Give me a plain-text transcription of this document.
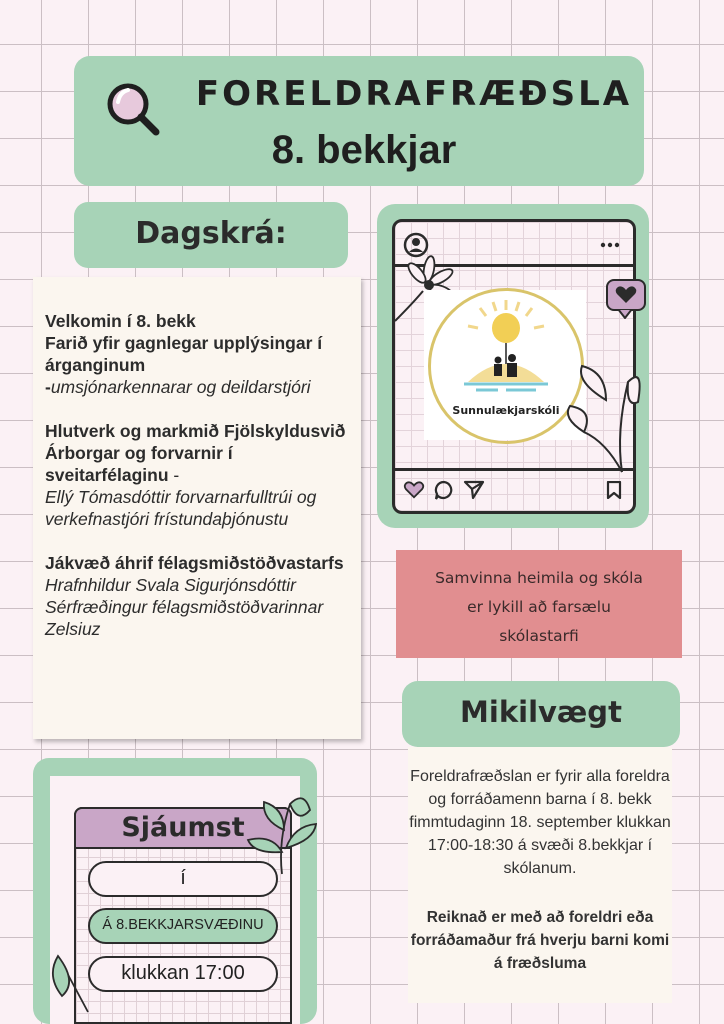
FORELDRAFRÆÐSLA
8. bekkjar
Dagskrá:
Velkomin í 8. bekk
Farið yfir gagnlegar upplýsingar í árganginum
-umsjónarkennarar og deildarstjóri
Hlutverk og markmið Fjölskyldusvið Árborgar og forvarnir í sveitarfélaginu -
Ellý Tómasdóttir forvarnarfulltrúi og verkefnastjóri frístundaþjónustu
Jákvæð áhrif félagsmiðstöðvastarfs
Hrafnhildur Svala Sigurjónsdóttir Sérfræðingur félagsmiðstöðvarinnar Zelsiuz
Sunnulækjarskóli
Samvinna heimila og skóla
er lykill að farsælu
skólastarfi
Mikilvægt
Foreldrafræðslan er fyrir alla foreldra og forráðamenn barna í 8. bekk
fimmtudaginn 18. september klukkan 17:00-18:30 á svæði 8.bekkjar í skólanum.
Reiknað er með að foreldri eða forráðamaður frá hverju barni komi á fræðsluma
Sjáumst
í
Á 8.BEKKJARSVÆÐINU
klukkan 17:00
